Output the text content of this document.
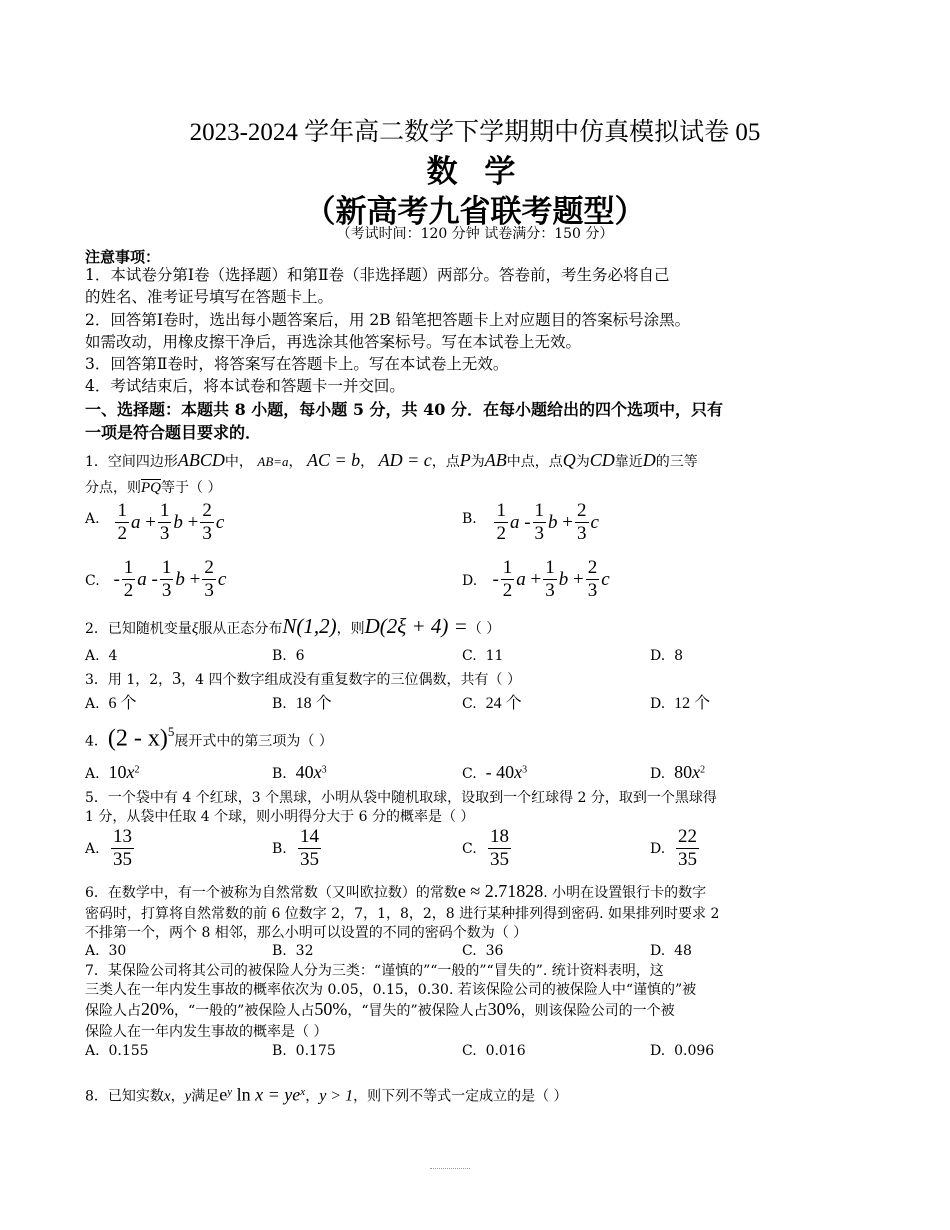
2023-2024 学年高二数学下学期期中仿真模拟试卷 05
数 学
（新高考九省联考题型）
（考试时间：120 分钟 试卷满分：150 分）
注意事项：
1．本试卷分第Ⅰ卷（选择题）和第Ⅱ卷（非选择题）两部分。答卷前，考生务必将自己
的姓名、准考证号填写在答题卡上。
2．回答第Ⅰ卷时，选出每小题答案后，用 2B 铅笔把答题卡上对应题目的答案标号涂黑。
如需改动，用橡皮擦干净后，再选涂其他答案标号。写在本试卷上无效。
3．回答第Ⅱ卷时，将答案写在答题卡上。写在本试卷上无效。
4．考试结束后，将本试卷和答题卡一并交回。
一、选择题：本题共 8 小题，每小题 5 分，共 40 分．在每小题给出的四个选项中，只有
一项是符合题目要求的．
1．空间四边形ABCD中， AB=a， AC = b， AD = c，点P为AB中点，点Q为CD靠近D的三等
分点，则$\overline{PQ}$等于（ ）
A. $\frac{1}{2}$ a
+ $\frac{1}{3}$ b
+ $\frac{2}{3}$ c	B. $\frac{1}{2}$ a
- $\frac{1}{3}$ b
+ $\frac{2}{3}$ c
C. - $\frac{1}{2}$ a
- $\frac{1}{3}$ b
+ $\frac{2}{3}$ c	D. - $\frac{1}{2}$ a
+ $\frac{1}{3}$ b
+ $\frac{2}{3}$ c
2．已知随机变量ξ服从正态分布N(1,2)，则D(2ξ + 4) =（ ）
A. 4	B. 6	C. 11	D. 8
3．用 1，2，3，4 四个数字组成没有重复数字的三位偶数，共有（ ）
A. 6 个	B. 18 个	C. 24 个	D. 12 个
4．(2 - x)$^5$展开式中的第三项为（ ）
A. $10x^2$	B. $40x^3$	C. - $40x^3$	D. $80x^2$
5．一个袋中有 4 个红球，3 个黑球，小明从袋中随机取球，设取到一个红球得 2 分，取到一个黑球得
1 分，从袋中任取 4 个球，则小明得分大于 6 分的概率是（ ）
A. $\frac{13}{35}$	B. $\frac{14}{35}$	C. $\frac{18}{35}$	D. $\frac{22}{35}$
6．在数学中，有一个被称为自然常数（又叫欧拉数）的常数e ≈ 2.71828. 小明在设置银行卡的数字
密码时，打算将自然常数的前 6 位数字 2，7，1，8，2，8 进行某种排列得到密码. 如果排列时要求 2
不排第一个，两个 8 相邻，那么小明可以设置的不同的密码个数为（ ）
A. 30	B. 32	C. 36	D. 48
7．某保险公司将其公司的被保险人分为三类：“谨慎的”“一般的”“冒失的”. 统计资料表明，这
三类人在一年内发生事故的概率依次为 0.05，0.15，0.30. 若该保险公司的被保险人中“谨慎的”被
保险人占20%，“一般的”被保险人占50%，“冒失的”被保险人占30%，则该保险公司的一个被
保险人在一年内发生事故的概率是（ ）
A. 0.155	B. 0.175	C. 0.016	D. 0.096
8．已知实数x，y满足$e^y$ $\ln x = ye^x$，y > 1，则下列不等式一定成立的是（ ）
